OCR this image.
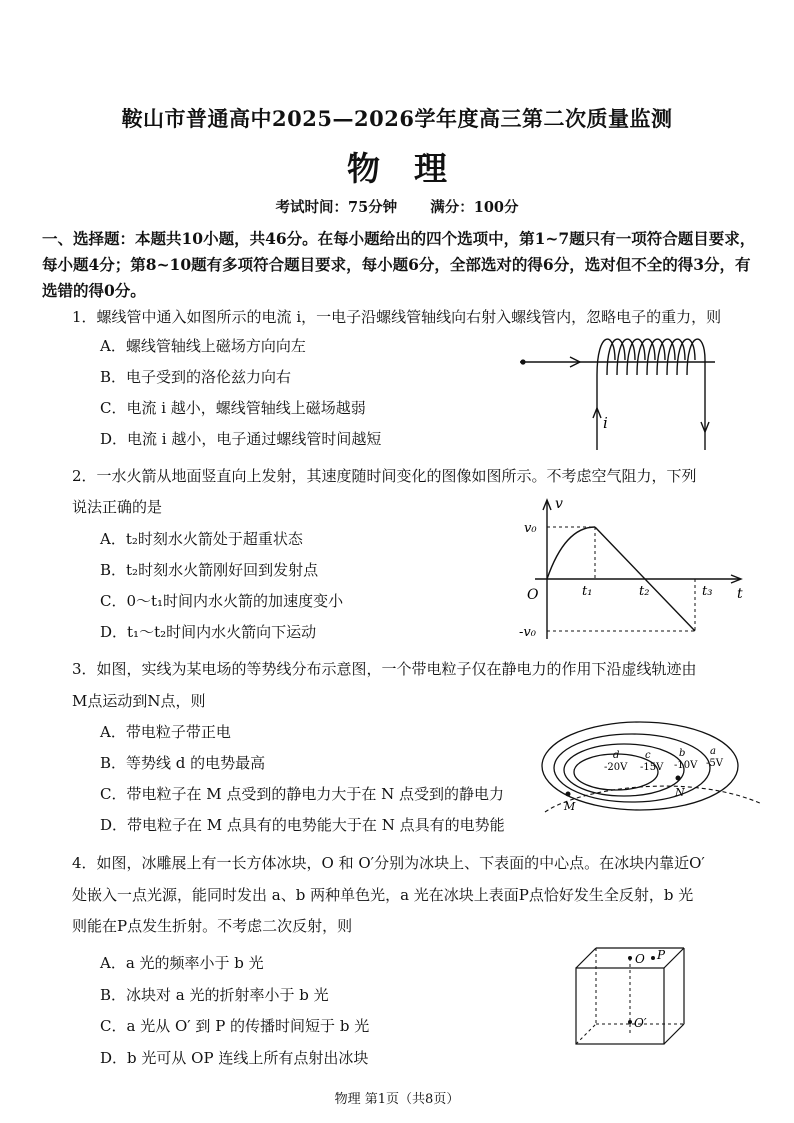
鞍山市普通高中2025—2026学年度高三第二次质量监测
物理
考试时间：75分钟 满分：100分
一、选择题：本题共10小题，共46分。在每小题给出的四个选项中，第1~7题只有一项符合题目要求，每小题4分；第8~10题有多项符合题目要求，每小题6分，全部选对的得6分，选对但不全的得3分，有选错的得0分。
1．螺线管中通入如图所示的电流 i，一电子沿螺线管轴线向右射入螺线管内，忽略电子的重力，则
A．螺线管轴线上磁场方向向左
B．电子受到的洛伦兹力向右
C．电流 i 越小，螺线管轴线上磁场越弱
D．电流 i 越小，电子通过螺线管时间越短
i
2．一水火箭从地面竖直向上发射，其速度随时间变化的图像如图所示。不考虑空气阻力，下列
说法正确的是
A．t₂时刻水火箭处于超重状态
B．t₂时刻水火箭刚好回到发射点
C．0～t₁时间内水火箭的加速度变小
D．t₁～t₂时间内水火箭向下运动
v
t
O
v₀
-v₀
t₁	t₂	t₃
3．如图，实线为某电场的等势线分布示意图，一个带电粒子仅在静电力的作用下沿虚线轨迹由
M点运动到N点，则
A．带电粒子带正电
B．等势线 d 的电势最高
C．带电粒子在 M 点受到的静电力大于在 N 点受到的静电力
D．带电粒子在 M 点具有的电势能大于在 N 点具有的电势能
M
N
d
-20V
c
-15V
b
-10V
a
-5V
4．如图，冰雕展上有一长方体冰块，O 和 O′分别为冰块上、下表面的中心点。在冰块内靠近O′
处嵌入一点光源，能同时发出 a、b 两种单色光，a 光在冰块上表面P点恰好发生全反射，b 光
则能在P点发生折射。不考虑二次反射，则
A．a 光的频率小于 b 光
B．冰块对 a 光的折射率小于 b 光
C．a 光从 O′ 到 P 的传播时间短于 b 光
D．b 光可从 OP 连线上所有点射出冰块
O P
O′
物理 第1页（共8页）
